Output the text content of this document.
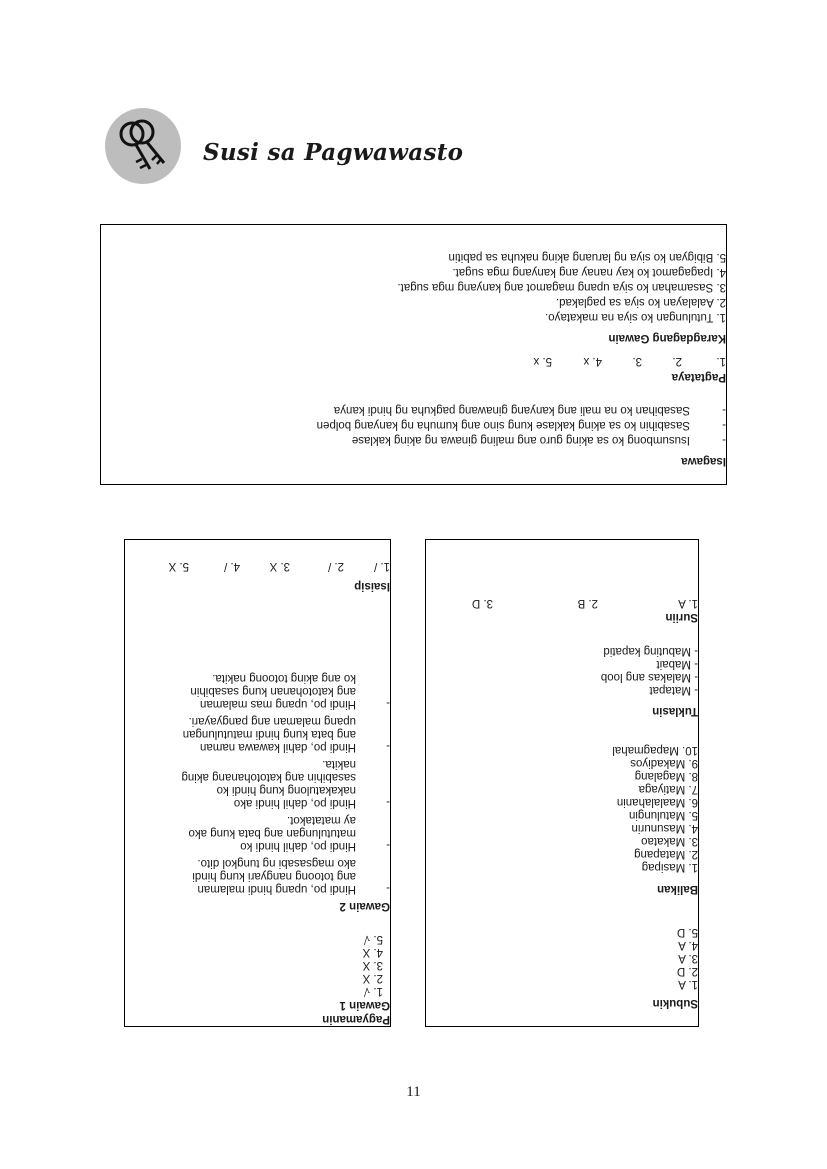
Susi sa Pagwawasto
Isagawa
-Isusumbong ko sa aking guro ang maling ginawa ng aking kaklase
-Sasabihin ko sa aking kaklase kung sino ang kumuha ng kanyang bolpen
-Sasabihan ko na mali ang kanyang ginawang pagkuha ng hindi kanya
Pagtataya
1.
2.
3.
4. x
5. x
Karagdagang Gawain
1. Tutulungan ko siya na makatayo.
2. Aalalayan ko siya sa paglakad.
3. Sasamahan ko siya upang magamot ang kanyang mga sugat.
4. Ipagagamot ko kay nanay ang kanyang mga sugat.
5. Bibigyan ko siya ng laruang aking nakuha sa pabitin
Subukin
1. A
2. D
3. A
4. A
5. D
Balikan
1. Masipag
2. Matapang
3. Makatao
4. Masunurin
5. Matulungin
6. Maalalahanin
7. Matiyaga
8. Magalang
9. Makadiyos
10. Mapagmahal
Tuklasin
- Matapat
- Malakas ang loob
- Mabait
- Mabuting kapatid
Suriin
1. A
2. B
3. D
Pagyamanin
Gawain 1
1. √
2. X
3. X
4. X
5. √
Gawain 2
-
Hindi po, upang hindi malaman ang totoong nangyari kung hindi ako magsasabi ng tungkol dito.
-
Hindi po, dahil hindi ko matutulungan ang bata kung ako ay matatakot.
-
Hindi po, dahil hindi ako nakakatulong kung hindi ko sasabihin ang katotohanang aking nakita.
-
Hindi po, dahil kawawa naman ang bata kung hindi matutulungan upang malaman ang pangyayari.
-
Hindi po, upang mas malaman ang katotohanan kung sasabihin ko ang aking totoong nakita.
Isaisip
1. /
2. /
3. X
4. /
5. X
11
